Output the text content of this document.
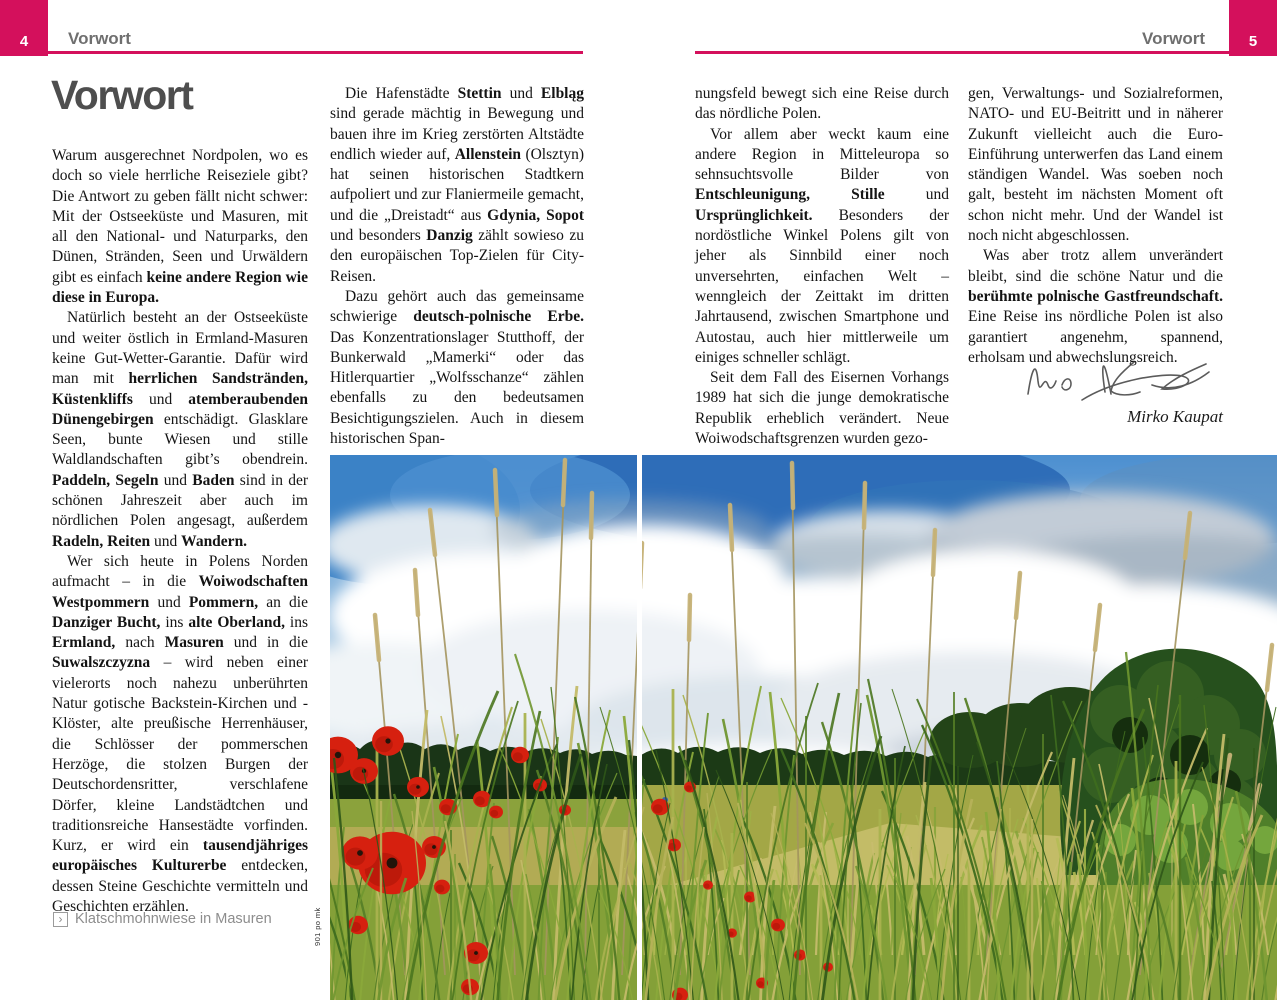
4 Vorwort	Vorwort	5
Vorwort

Warum ausgerechnet Nordpolen, wo es doch so viele herrliche Reiseziele gibt? Die Antwort zu geben fällt nicht schwer: Mit der Ostseeküste und Masuren, mit all den National- und Naturparks, den Dünen, Stränden, Seen und Urwäldern gibt es einfach keine andere Region wie diese in Europa.

Natürlich besteht an der Ostseeküste und weiter östlich in Ermland-Masuren keine Gut-Wetter-Garantie. Dafür wird man mit herrlichen Sandstränden, Küstenkliffs und atemberaubenden Dünengebirgen entschädigt. Glasklare Seen, bunte Wiesen und stille Waldlandschaften gibt’s obendrein. Paddeln, Segeln und Baden sind in der schönen Jahreszeit aber auch im nördlichen Polen angesagt, außerdem Radeln, Reiten und Wandern.

Wer sich heute in Polens Norden aufmacht – in die Woiwodschaften Westpommern und Pommern, an die Danziger Bucht, ins alte Oberland, ins Ermland, nach Masuren und in die Suwalszczyzna – wird neben einer vielerorts noch nahezu unberührten Natur gotische Backstein-Kirchen und -Klöster, alte preußische Herrenhäuser, die Schlösser der pommerschen Herzöge, die stolzen Burgen der Deutschordensritter, verschlafene Dörfer, kleine Landstädtchen und traditionsreiche Hansestädte vorfinden. Kurz, er wird ein tausendjähriges europäisches Kulturerbe entdecken, dessen Steine Geschichte vermitteln und Geschichten erzählen.

Die Hafenstädte Stettin und Elbląg sind gerade mächtig in Bewegung und bauen ihre im Krieg zerstörten Altstädte endlich wieder auf, Allenstein (Olsztyn) hat seinen historischen Stadtkern aufpoliert und zur Flaniermeile gemacht, und die „Dreistadt“ aus Gdynia, Sopot und besonders Danzig zählt sowieso zu den europäischen Top-Zielen für City-Reisen.

Dazu gehört auch das gemeinsame schwierige deutsch-polnische Erbe. Das Konzentrationslager Stutthoff, der Bunkerwald „Mamerki“ oder das Hitlerquartier „Wolfsschanze“ zählen ebenfalls zu den bedeutsamen Besichtigungszielen. Auch in diesem historischen Span-

nungsfeld bewegt sich eine Reise durch das nördliche Polen.

Vor allem aber weckt kaum eine andere Region in Mitteleuropa so sehnsuchtsvolle Bilder von Entschleunigung, Stille und Ursprünglichkeit. Besonders der nordöstliche Winkel Polens gilt von jeher als Sinnbild einer noch unversehrten, einfachen Welt – wenngleich der Zeittakt im dritten Jahrtausend, zwischen Smartphone und Autostau, auch hier mittlerweile um einiges schneller schlägt.

Seit dem Fall des Eisernen Vorhangs 1989 hat sich die junge demokratische Republik erheblich verändert. Neue Woiwodschaftsgrenzen wurden gezo-

gen, Verwaltungs- und Sozialreformen, NATO- und EU-Beitritt und in näherer Zukunft vielleicht auch die Euro-Einführung unterwerfen das Land einem ständigen Wandel. Was soeben noch galt, besteht im nächsten Moment oft schon nicht mehr. Und der Wandel ist noch nicht abgeschlossen.

Was aber trotz allem unverändert bleibt, sind die schöne Natur und die berühmte polnische Gastfreundschaft. Eine Reise ins nördliche Polen ist also garantiert angenehm, spannend, erholsam und abwechslungsreich.

Mirko Kaupat
› Klatschmohnwiese in Masuren	901 po mk
